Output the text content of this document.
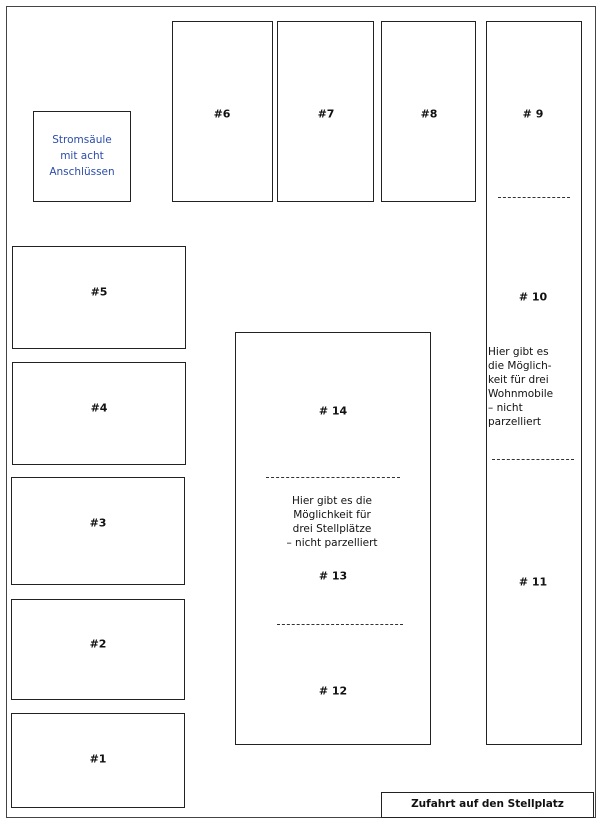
Stromsäule
mit acht
Anschlüssen
#6	#7	#8	# 9
# 10
Hier gibt es
die Möglich-
keit für drei
Wohnmobile
– nicht
parzelliert
# 11
#5
#4
#3
#2
#1
# 14
Hier gibt es die
Möglichkeit für
drei Stellplätze
– nicht parzelliert
# 13
# 12
Zufahrt auf den Stellplatz
